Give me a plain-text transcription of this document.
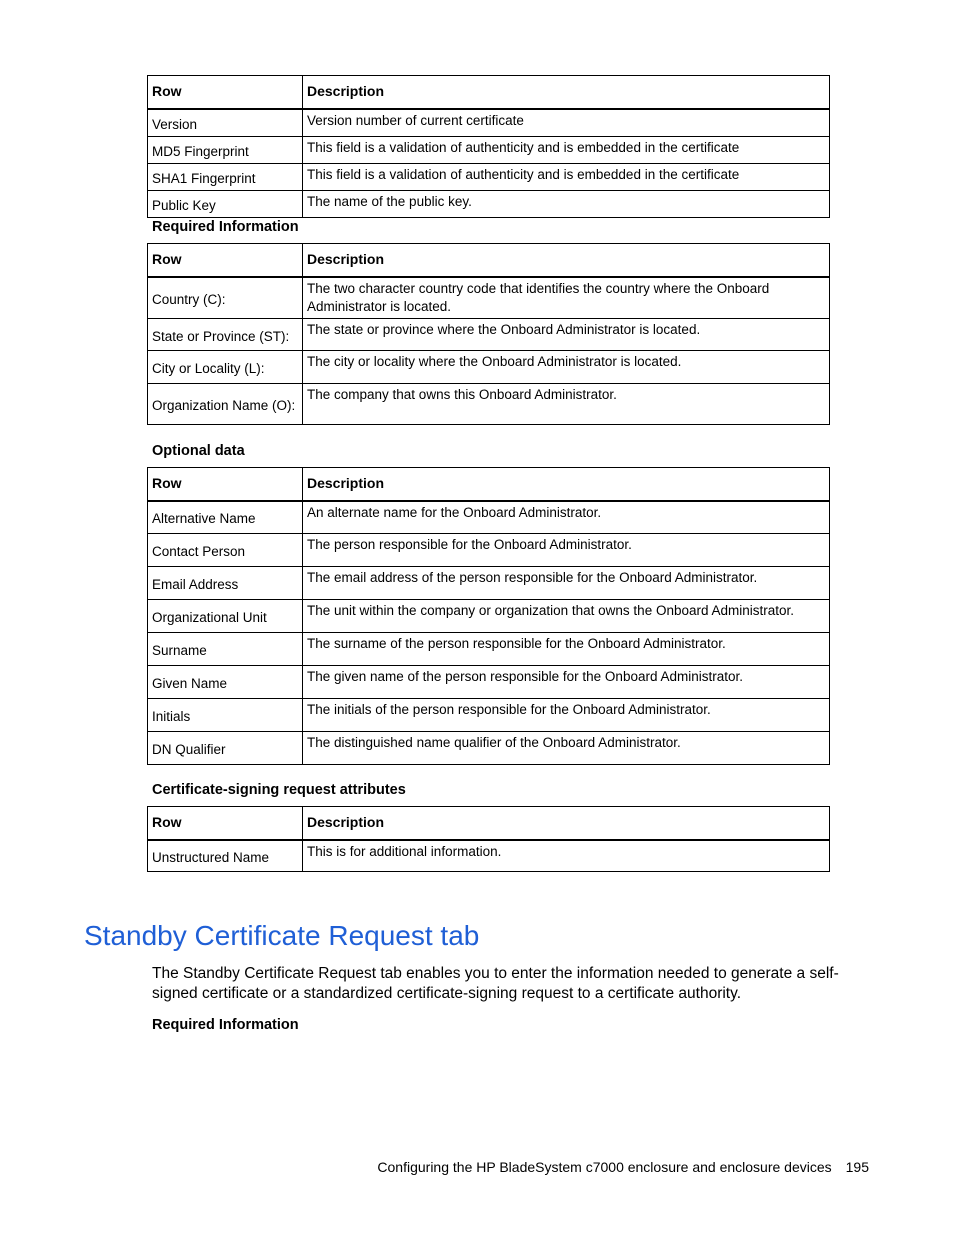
Row	Description
Version	Version number of current certificate
MD5 Fingerprint	This field is a validation of authenticity and is embedded in the certificate
SHA1 Fingerprint	This field is a validation of authenticity and is embedded in the certificate
Public Key	The name of the public key.

Required Information

Row	Description
Country (C):	The two character country code that identifies the country where the Onboard Administrator is located.
State or Province (ST):	The state or province where the Onboard Administrator is located.
City or Locality (L):	The city or locality where the Onboard Administrator is located.
Organization Name (O):	The company that owns this Onboard Administrator.

Optional data

Row	Description
Alternative Name	An alternate name for the Onboard Administrator.
Contact Person	The person responsible for the Onboard Administrator.
Email Address	The email address of the person responsible for the Onboard Administrator.
Organizational Unit	The unit within the company or organization that owns the Onboard Administrator.
Surname	The surname of the person responsible for the Onboard Administrator.
Given Name	The given name of the person responsible for the Onboard Administrator.
Initials	The initials of the person responsible for the Onboard Administrator.
DN Qualifier	The distinguished name qualifier of the Onboard Administrator.

Certificate-signing request attributes

Row	Description
Unstructured Name	This is for additional information.
Standby Certificate Request tab

The Standby Certificate Request tab enables you to enter the information needed to generate a self-signed certificate or a standardized certificate-signing request to a certificate authority.

Required Information

Configuring the HP BladeSystem c7000 enclosure and enclosure devices 195
